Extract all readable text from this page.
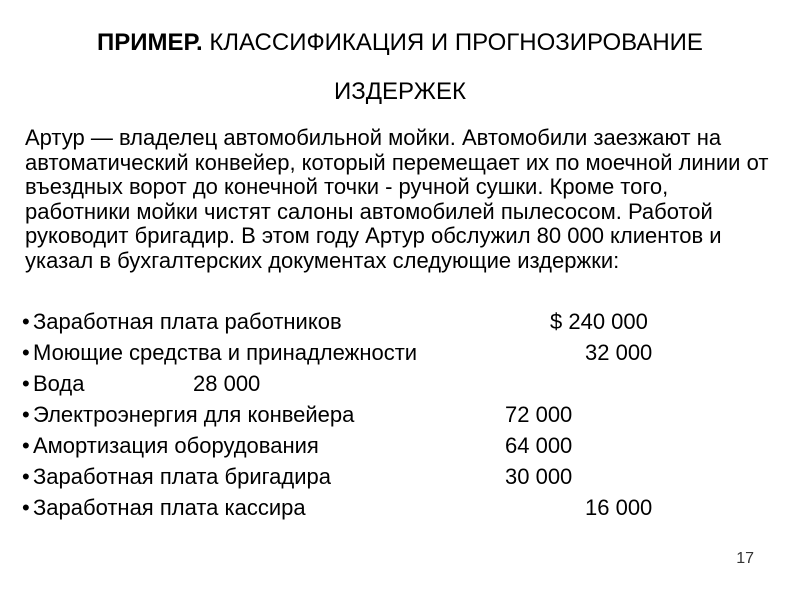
ПРИМЕР. КЛАССИФИКАЦИЯ И ПРОГНОЗИРОВАНИЕ
ИЗДЕРЖЕК

Артур — владелец автомобильной мойки. Автомобили заезжают на автоматический конвейер, который перемещает их по моечной линии от въездных ворот до конечной точки - ручной сушки. Кроме того, работники мойки чистят салоны автомобилей пылесосом. Работой руководит бригадир. В этом году Артур обслужил 80 000 клиентов и указал в бухгалтерских документах следующие издержки:

• Заработная плата работников	$ 240 000
• Моющие средства и принадлежности	32 000
• Вода	28 000
• Электроэнергия для конвейера	72 000
• Амортизация оборудования	64 000
• Заработная плата бригадира	30 000
• Заработная плата кассира	16 000
17
